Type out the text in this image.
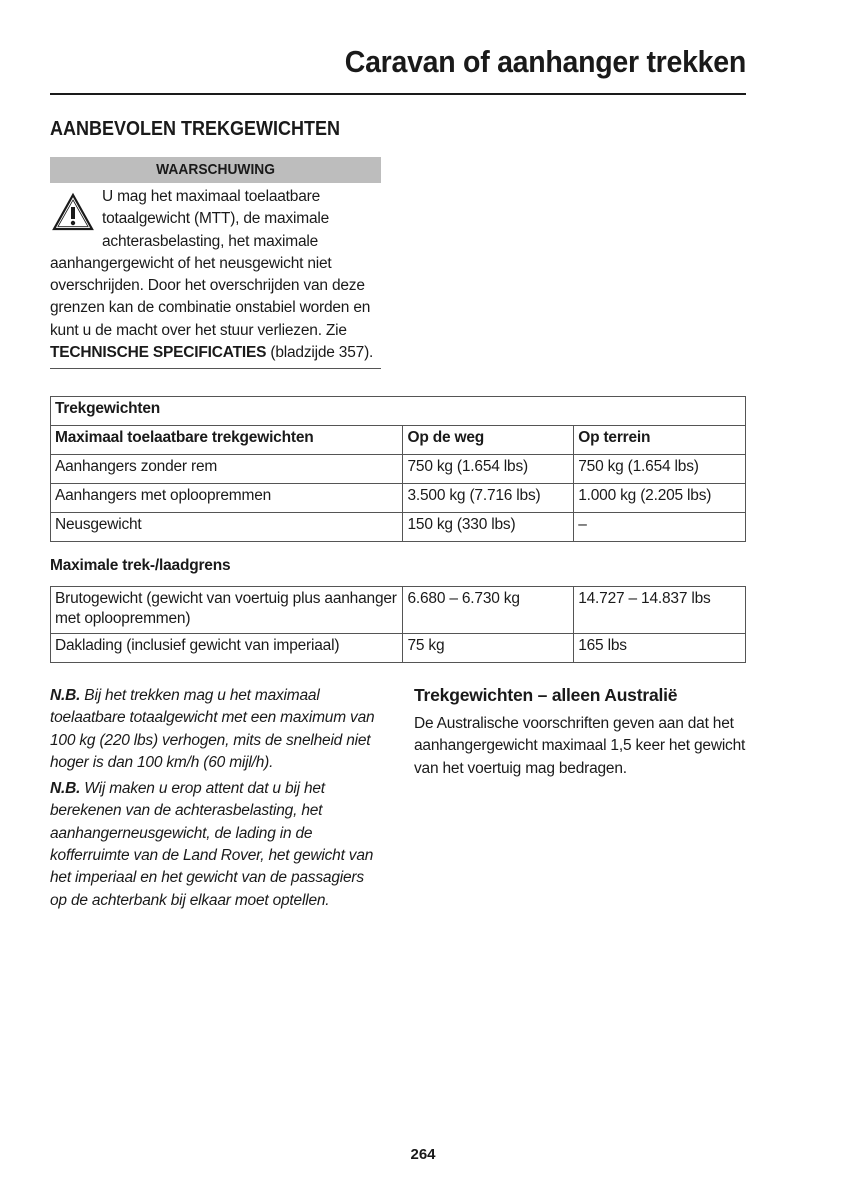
Caravan of aanhanger trekken
AANBEVOLEN TREKGEWICHTEN
WAARSCHUWING
U mag het maximaal toelaatbare totaalgewicht (MTT), de maximale achterasbelasting, het maximale aanhangergewicht of het neusgewicht niet overschrijden. Door het overschrijden van deze grenzen kan de combinatie onstabiel worden en kunt u de macht over het stuur verliezen. Zie TECHNISCHE SPECIFICATIES (bladzijde 357).
Trekgewichten		
Maximaal toelaatbare trekgewichten	Op de weg	Op terrein
Aanhangers zonder rem	750 kg (1.654 lbs)	750 kg (1.654 lbs)
Aanhangers met oploopremmen	3.500 kg (7.716 lbs)	1.000 kg (2.205 lbs)
Neusgewicht	150 kg (330 lbs)	–
Maximale trek-/laadgrens
Brutogewicht (gewicht van voertuig plus aanhanger met oploopremmen)	6.680 – 6.730 kg	14.727 – 14.837 lbs
Daklading (inclusief gewicht van imperiaal)	75 kg	165 lbs

N.B. Bij het trekken mag u het maximaal toelaatbare totaalgewicht met een maximum van 100 kg (220 lbs) verhogen, mits de snelheid niet hoger is dan 100 km/h (60 mijl/h).

N.B. Wij maken u erop attent dat u bij het berekenen van de achterasbelasting, het aanhangerneusgewicht, de lading in de kofferruimte van de Land Rover, het gewicht van het imperiaal en het gewicht van de passagiers op de achterbank bij elkaar moet optellen.

Trekgewichten – alleen Australië
De Australische voorschriften geven aan dat het aanhangergewicht maximaal 1,5 keer het gewicht van het voertuig mag bedragen.
264
